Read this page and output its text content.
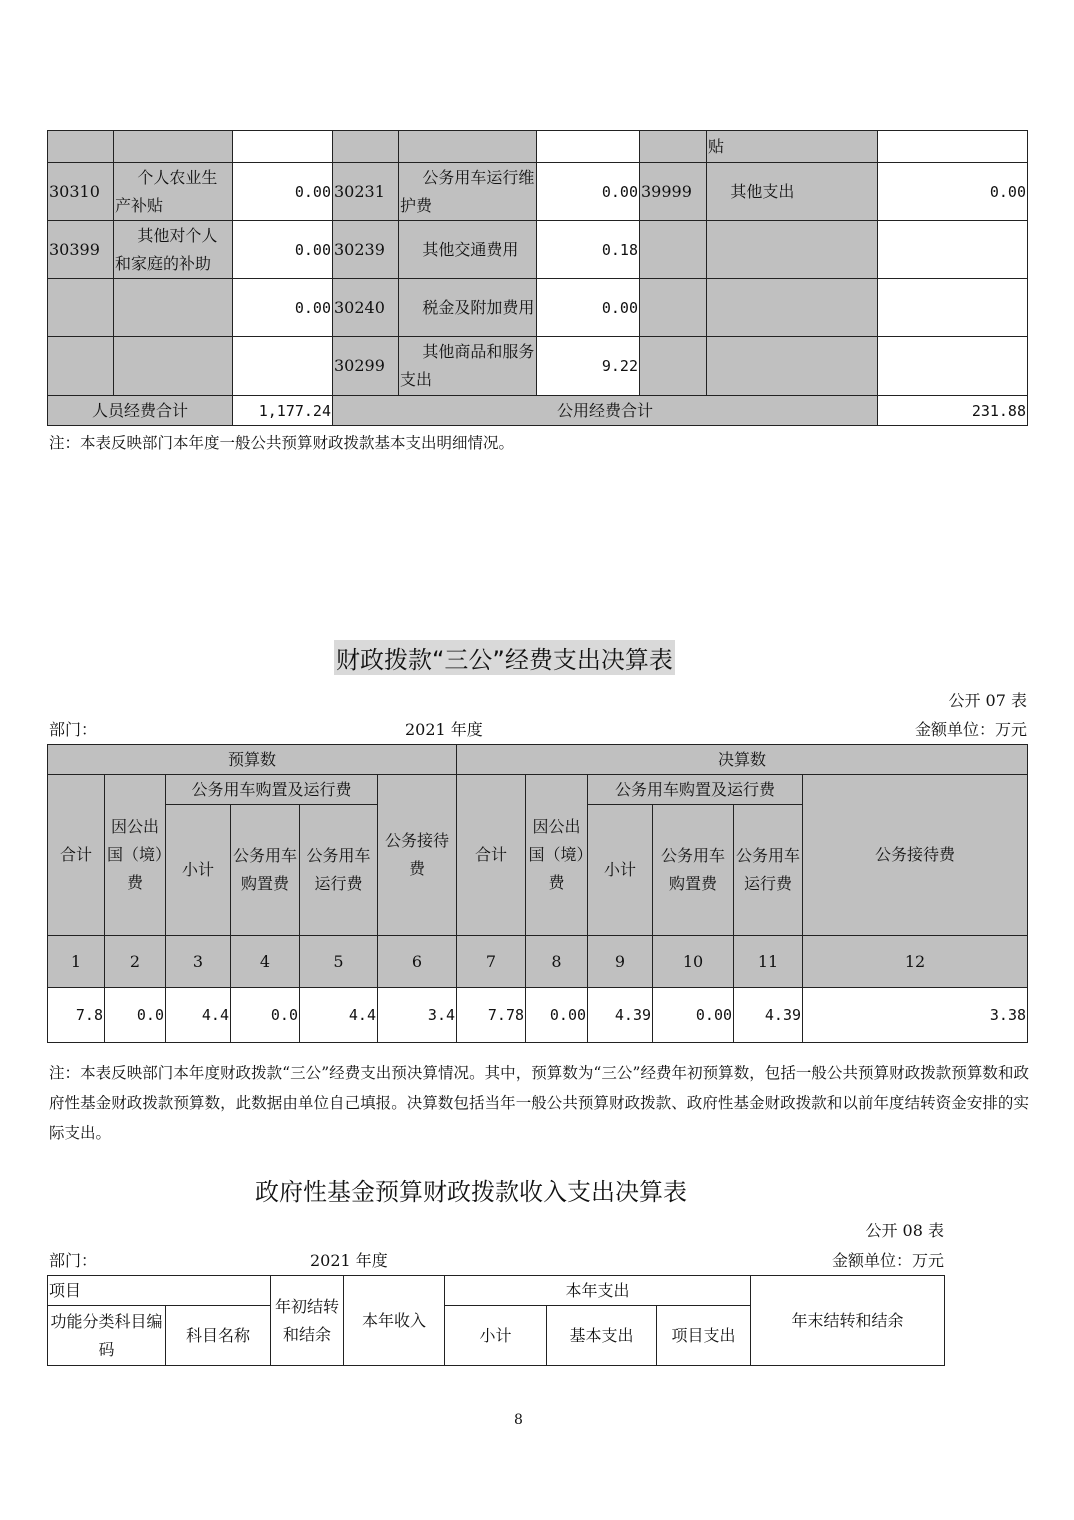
							贴	
30310	个人农业生产补贴	0.00	30231	公务用车运行维护费	0.00	39999	其他支出	0.00
30399	其他对个人和家庭的补助	0.00	30239	其他交通费用	0.18			
		0.00	30240	税金及附加费用	0.00			
			30299	其他商品和服务支出	9.22			
人员经费合计		1,177.24	公用经费合计					231.88
注：本表反映部门本年度一般公共预算财政拨款基本支出明细情况。
财政拨款“三公”经费支出决算表
公开 07 表
部门：	2021 年度	金额单位：万元
预算数						决算数					
合计	因公出国（境）费	公务用车购置及运行费			公务接待费	合计	因公出国（境）费	公务用车购置及运行费			公务接待费
		小计	公务用车购置费	公务用车运行费				小计	公务用车购置费	公务用车运行费	
1	2	3	4	5	6	7	8	9	10	11	12
7.8	0.0	4.4	0.0	4.4	3.4	7.78	0.00	4.39	0.00	4.39	3.38
注：本表反映部门本年度财政拨款“三公”经费支出预决算情况。其中，预算数为“三公”经费年初预算数，包括一般公共预算财政拨款预算数和政府性基金财政拨款预算数，此数据由单位自己填报。决算数包括当年一般公共预算财政拨款、政府性基金财政拨款和以前年度结转资金安排的实际支出。
政府性基金预算财政拨款收入支出决算表
公开 08 表
部门：	2021 年度	金额单位：万元
项目		年初结转和结余	本年收入	本年支出			年末结转和结余
功能分类科目编码	科目名称			小计	基本支出	项目支出	
8
